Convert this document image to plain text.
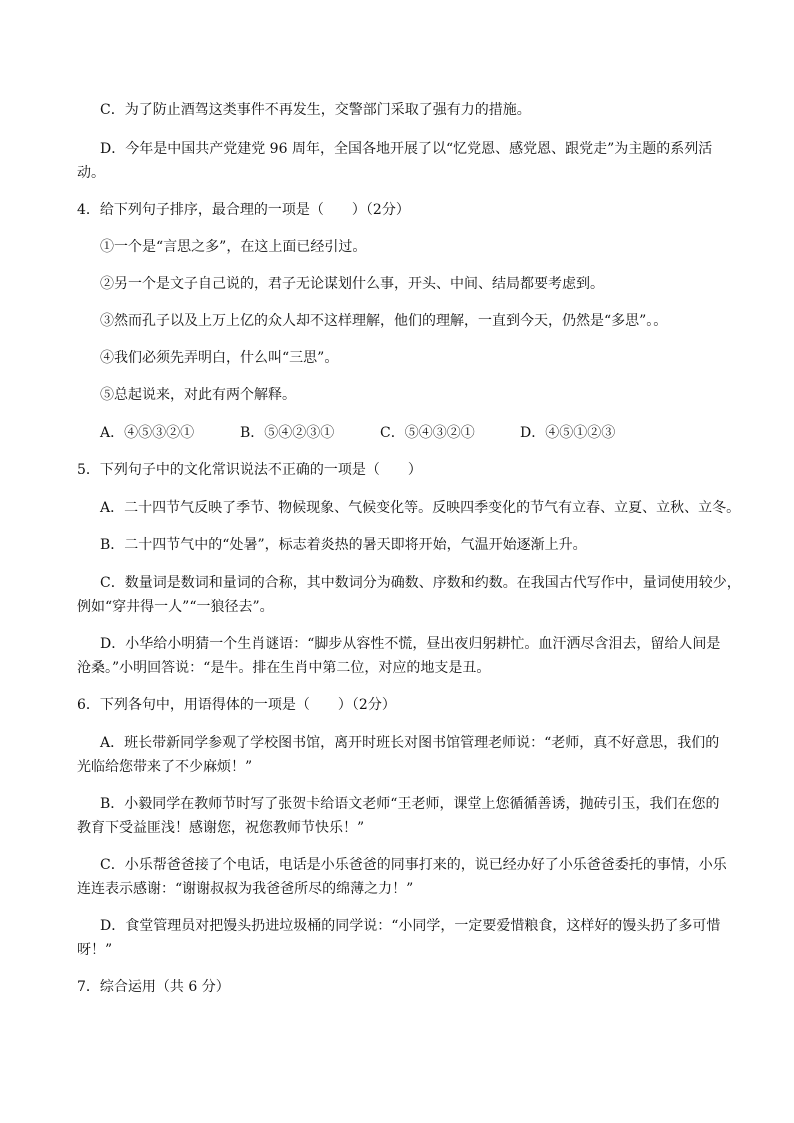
C．为了防止酒驾这类事件不再发生，交警部门采取了强有力的措施。
D．今年是中国共产党建党 96 周年，全国各地开展了以“忆党恩、感党恩、跟党走”为主题的系列活
动。
4．给下列句子排序，最合理的一项是（　　）（2分）
①一个是“言思之多”，在这上面已经引过。
②另一个是文子自己说的，君子无论谋划什么事，开头、中间、结局都要考虑到。
③然而孔子以及上万上亿的众人却不这样理解，他们的理解，一直到今天，仍然是“多思”。。
④我们必须先弄明白，什么叫“三思”。
⑤总起说来，对此有两个解释。
A．④⑤③②①	B．⑤④②③①	C．⑤④③②①	D．④⑤①②③
5．下列句子中的文化常识说法不正确的一项是（　　）
A．二十四节气反映了季节、物候现象、气候变化等。反映四季变化的节气有立春、立夏、立秋、立冬。
B．二十四节气中的“处暑”，标志着炎热的暑天即将开始，气温开始逐渐上升。
C．数量词是数词和量词的合称，其中数词分为确数、序数和约数。在我国古代写作中，量词使用较少，
例如“穿井得一人”“一狼径去”。
D．小华给小明猜一个生肖谜语：“脚步从容性不慌，昼出夜归躬耕忙。血汗洒尽含泪去，留给人间是
沧桑。”小明回答说：“是牛。排在生肖中第二位，对应的地支是丑。
6．下列各句中，用语得体的一项是（　　）（2分）
A．班长带新同学参观了学校图书馆，离开时班长对图书馆管理老师说：“老师，真不好意思，我们的
光临给您带来了不少麻烦！”
B．小毅同学在教师节时写了张贺卡给语文老师“王老师，课堂上您循循善诱，抛砖引玉，我们在您的
教育下受益匪浅！感谢您，祝您教师节快乐！”
C．小乐帮爸爸接了个电话，电话是小乐爸爸的同事打来的，说已经办好了小乐爸爸委托的事情，小乐
连连表示感谢：“谢谢叔叔为我爸爸所尽的绵薄之力！”
D．食堂管理员对把馒头扔进垃圾桶的同学说：“小同学，一定要爱惜粮食，这样好的馒头扔了多可惜
呀！”
7．综合运用（共 6 分）
